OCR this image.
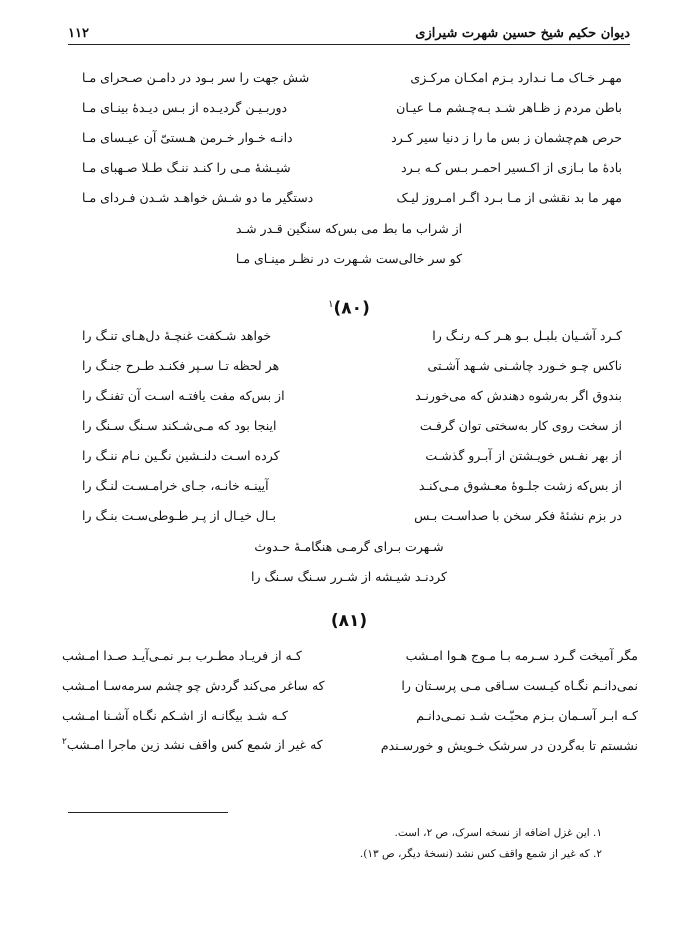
دیوان حکیم شیخ حسین شهرت شیرازی
۱۱۲
مهـر خـاک مـا نـدارد بـزم امکـان مرکـزی
شش جهت را سر بـود در دامـن صـحرای مـا
باطن مردم ز ظـاهر شـد بـه‌چـشم مـا عیـان
دوربـیـن گردیـده از بـس دیـدۀ بینـای مـا
حرص هم‌چشمان ز بس ما را ز دنیا سیر کـرد
دانـه خـوار خـرمن هـستیّ آن عیـسای مـا
بادۀ ما بـازی از اکـسیر احمـر بـس کـه بـرد
شیـشۀ مـی را کنـد ننـگ طـلا صـهبای مـا
مهر ما بد نقشی از مـا بـرد اگـر امـروز لیـک
دستگیر ما دو شـش خواهـد شـدن فـردای مـا
از شراب ما بط می بس‌که سنگین قـدر شـد
کو سر خالی‌ست شـهرت در نظـر مینـای مـا
(۸۰)$^۱$
کـرد آشـیان بلبـل بـو هـر کـه رنـگ را
خواهد شـکفت غنچـۀ دل‌هـای تنـگ را
ناکس چـو خـورد چاشـنی شـهد آشـتی
هر لحظه تـا سـپر فکنـد طـرح جنـگ را
بندوق اگر به‌رشوه دهندش که می‌خورنـد
از بس‌که مفت یافتـه اسـت آن تفنـگ را
از سخت روی کار به‌سختی توان گرفـت
اینجا بود که مـی‌شـکند سـنگ سـنگ را
از بهر نفـس خویـشتن از آبـرو گذشـت
کرده اسـت دلنـشین نگـین نـام ننـگ را
از بس‌که زشت جلـوۀ معـشوق مـی‌کنـد
آیینـه خانـه، جـای خرامـسـت لنـگ را
در بزم نشئۀ فکر سخن با صداسـت بـس
بـال خیـال از پـر طـوطی‌سـت بنـگ را
شـهرت بـرای گرمـی هنگامـۀ حـدوث
کردنـد شیـشه از شـرر سـنگ سـنگ را
(۸۱)
مگر آمیخت گـرد سـرمه بـا مـوج هـوا امـشب
کـه از فریـاد مطـرب بـر نمـی‌آیـد صـدا امـشب
نمی‌دانـم نگـاه کیـست سـاقی مـی پرسـتان را
که ساغر می‌کند گردش چو چشم سرمه‌سـا امـشب
کـه ابـر آسـمان بـزم محبّـت شـد نمـی‌دانـم
کـه شـد بیگانـه از اشـکم نگـاه آشـنا امـشب
نشستم تا به‌گردن در سرشک خـویش و خورسـندم
که غیر از شمع کس واقف نشد زین ماجرا امـشب$^۲$
۱. این غزل اضافه از نسخه اسرک، ص ۲، است.
۲. که غیر از شمع واقف کس نشد (نسخۀ دیگر، ص ۱۳).
